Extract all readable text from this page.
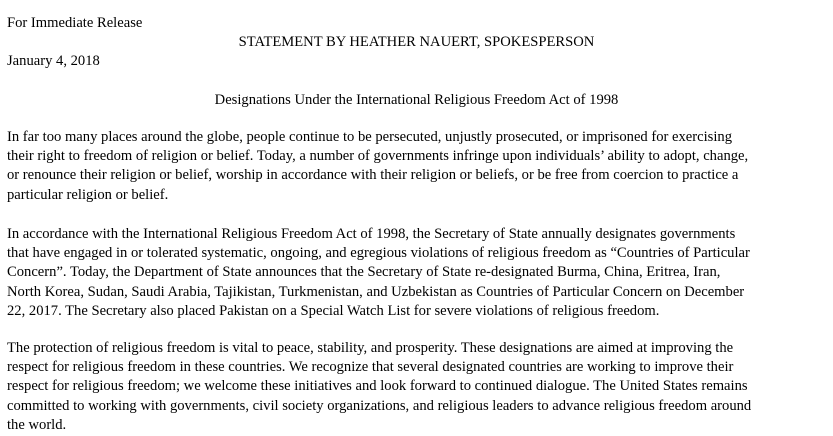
For Immediate Release
STATEMENT BY HEATHER NAUERT, SPOKESPERSON
January 4, 2018
Designations Under the International Religious Freedom Act of 1998

In far too many places around the globe, people continue to be persecuted, unjustly prosecuted, or imprisoned for exercising
their right to freedom of religion or belief. Today, a number of governments infringe upon individuals’ ability to adopt, change,
or renounce their religion or belief, worship in accordance with their religion or beliefs, or be free from coercion to practice a
particular religion or belief.

In accordance with the International Religious Freedom Act of 1998, the Secretary of State annually designates governments
that have engaged in or tolerated systematic, ongoing, and egregious violations of religious freedom as “Countries of Particular
Concern”. Today, the Department of State announces that the Secretary of State re-designated Burma, China, Eritrea, Iran,
North Korea, Sudan, Saudi Arabia, Tajikistan, Turkmenistan, and Uzbekistan as Countries of Particular Concern on December
22, 2017. The Secretary also placed Pakistan on a Special Watch List for severe violations of religious freedom.

The protection of religious freedom is vital to peace, stability, and prosperity. These designations are aimed at improving the
respect for religious freedom in these countries. We recognize that several designated countries are working to improve their
respect for religious freedom; we welcome these initiatives and look forward to continued dialogue. The United States remains
committed to working with governments, civil society organizations, and religious leaders to advance religious freedom around
the world.
